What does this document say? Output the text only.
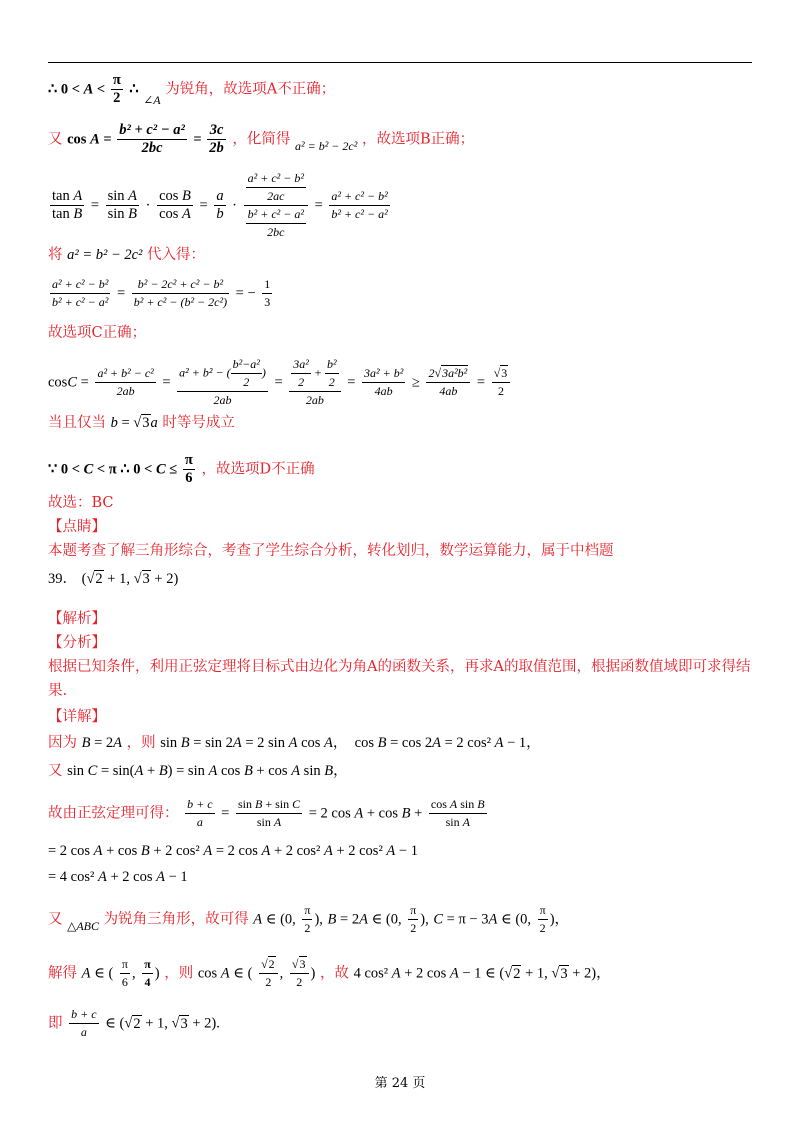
∴ $0 < A < \frac{\pi}{2}$ ∴ $_{\angle A}$ 为锐角，故选项A不正确；
又 $\cos A = \frac{\text{b² + c² − a²}}{2bc} = \frac{3c}{2b}$ ，化简得 $_{a^2 = b^2 - 2c^2}$ ，故选项B正确；
$\frac{\text{tan A}}{\text{tan B}} = \frac{\text{sin A}}{\text{sin B}} \cdot \frac{\text{cos B}}{\text{cos A}} = \frac{a}{b} \cdot \frac{\frac{\text{a² + c² − b²}}{2ac}}{\frac{\text{b² + c² − a²}}{2bc}} = \frac{\text{a² + c² − b²}}{\text{b² + c² − a²}}$
将 a² = b² − 2c² 代入得：
$\frac{\text{a² + c² − b²}}{\text{b² + c² − a²}} = \frac{\text{b² − 2c² + c² − b²}}{\text{b² + c² − (b² − 2c²)}}$ = − $\frac{1}{3}$
故选项C正确；
$\cos C = \frac{\text{a² + b² − c²}}{2ab} = \frac{a^2 + b^2 - ( \frac{\text{b²−a²}}{2} )}{2ab} = \frac{\frac{\text{3a²}}{2} + \frac{\text{b²}}{2}}{2ab} = \frac{\text{3a² + b²}}{4ab} \ge \frac{\text{2√3a²b²}}{4ab} = \frac{√3}{2}$
当且仅当 b = √3a 时等号成立
∵ 0 < C < π ∴ $0 < C \le \frac{\pi}{6}$ ，故选项D不正确
故选：BC
【点睛】
本题考查了解三角形综合，考查了学生综合分析，转化划归，数学运算能力，属于中档题
39． (√2 + 1, √3 + 2)
【解析】
【分析】
根据已知条件，利用正弦定理将目标式由边化为角A的函数关系，再求A的取值范围，根据函数值域即可求得结
果.
【详解】
因为 B = 2A ，则 sin B = sin 2A = 2 sin A cos A，  cos B = cos 2A = 2 cos² A − 1，
又 sin C = sin(A + B) = sin A cos B + cos A sin B，
故由正弦定理可得： $\frac{b + c}{a} = \frac{\text{sin B + sin C}}{\text{sin A}} = 2$ $\cos A + \cos B + \frac{\text{cos A sin B}}{\text{sin A}}$
= 2 cos A + cos B + 2 cos² A = 2 cos A + 2 cos² A + 2 cos² A − 1
= 4 cos² A + 2 cos A − 1
又 $_{\triangle ABC}$ 为锐角三角形，故可得 A ∈ (0, $\frac{\pi}{2}$ ), B = 2A ∈ (0, $\frac{\pi}{2}$ ), C = π − 3A ∈ (0, $\frac{\pi}{2}$ )，
解得 A ∈ ( $\frac{\pi}{6}$ , $\frac{\pi}{4}$ ) ，则 cos A ∈ ( $\frac{√2}{2}$ , $\frac{√3}{2}$ ) ，故 4 cos² A + 2 cos A − 1 ∈ (√2 + 1, √3 + 2)，
即 $\frac{b + c}{a}$ ∈ (√2 + 1, √3 + 2).
第 24 页
